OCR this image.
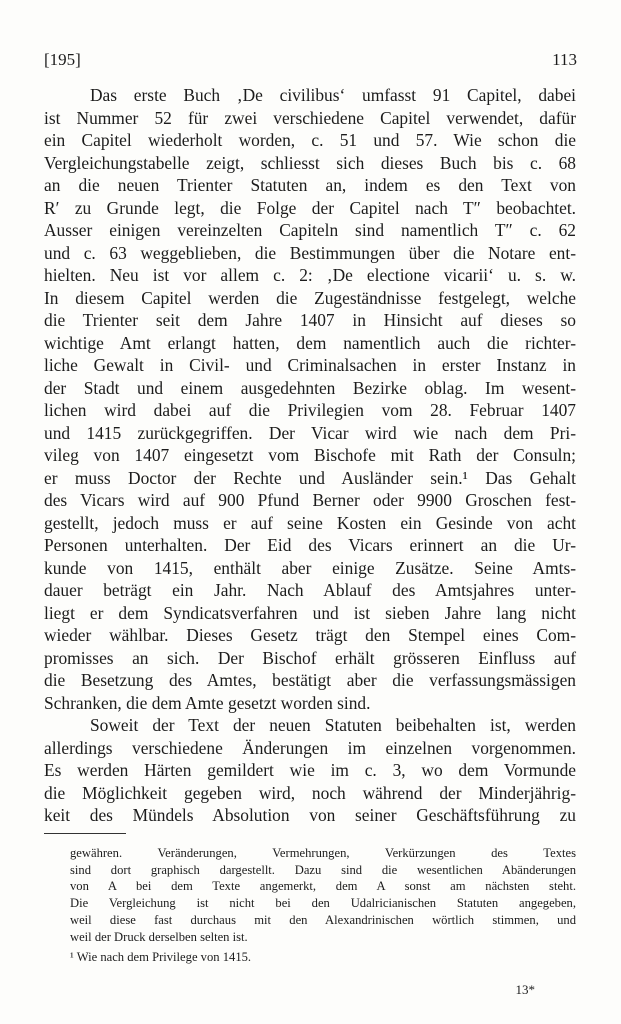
[195]	113
Das erste Buch ‚De civilibus‘ umfasst 91 Capitel, dabei
ist Nummer 52 für zwei verschiedene Capitel verwendet, dafür
ein Capitel wiederholt worden, c. 51 und 57. Wie schon die
Vergleichungstabelle zeigt, schliesst sich dieses Buch bis c. 68
an die neuen Trienter Statuten an, indem es den Text von
R′ zu Grunde legt, die Folge der Capitel nach T″ beobachtet.
Ausser einigen vereinzelten Capiteln sind namentlich T″ c. 62
und c. 63 weggeblieben, die Bestimmungen über die Notare ent-
hielten. Neu ist vor allem c. 2: ‚De electione vicarii‘ u. s. w.
In diesem Capitel werden die Zugeständnisse festgelegt, welche
die Trienter seit dem Jahre 1407 in Hinsicht auf dieses so
wichtige Amt erlangt hatten, dem namentlich auch die richter-
liche Gewalt in Civil- und Criminalsachen in erster Instanz in
der Stadt und einem ausgedehnten Bezirke oblag. Im wesent-
lichen wird dabei auf die Privilegien vom 28. Februar 1407
und 1415 zurückgegriffen. Der Vicar wird wie nach dem Pri-
vileg von 1407 eingesetzt vom Bischofe mit Rath der Consuln;
er muss Doctor der Rechte und Ausländer sein.¹ Das Gehalt
des Vicars wird auf 900 Pfund Berner oder 9900 Groschen fest-
gestellt, jedoch muss er auf seine Kosten ein Gesinde von acht
Personen unterhalten. Der Eid des Vicars erinnert an die Ur-
kunde von 1415, enthält aber einige Zusätze. Seine Amts-
dauer beträgt ein Jahr. Nach Ablauf des Amtsjahres unter-
liegt er dem Syndicatsverfahren und ist sieben Jahre lang nicht
wieder wählbar. Dieses Gesetz trägt den Stempel eines Com-
promisses an sich. Der Bischof erhält grösseren Einfluss auf
die Besetzung des Amtes, bestätigt aber die verfassungsmässigen
Schranken, die dem Amte gesetzt worden sind.
Soweit der Text der neuen Statuten beibehalten ist, werden
allerdings verschiedene Änderungen im einzelnen vorgenommen.
Es werden Härten gemildert wie im c. 3, wo dem Vormunde
die Möglichkeit gegeben wird, noch während der Minderjährig-
keit des Mündels Absolution von seiner Geschäftsführung zu
gewähren. Veränderungen, Vermehrungen, Verkürzungen des Textes
sind dort graphisch dargestellt. Dazu sind die wesentlichen Abänderungen
von A bei dem Texte angemerkt, dem A sonst am nächsten steht.
Die Vergleichung ist nicht bei den Udalricianischen Statuten angegeben,
weil diese fast durchaus mit den Alexandrinischen wörtlich stimmen, und
weil der Druck derselben selten ist.
¹ Wie nach dem Privilege von 1415.
13*
